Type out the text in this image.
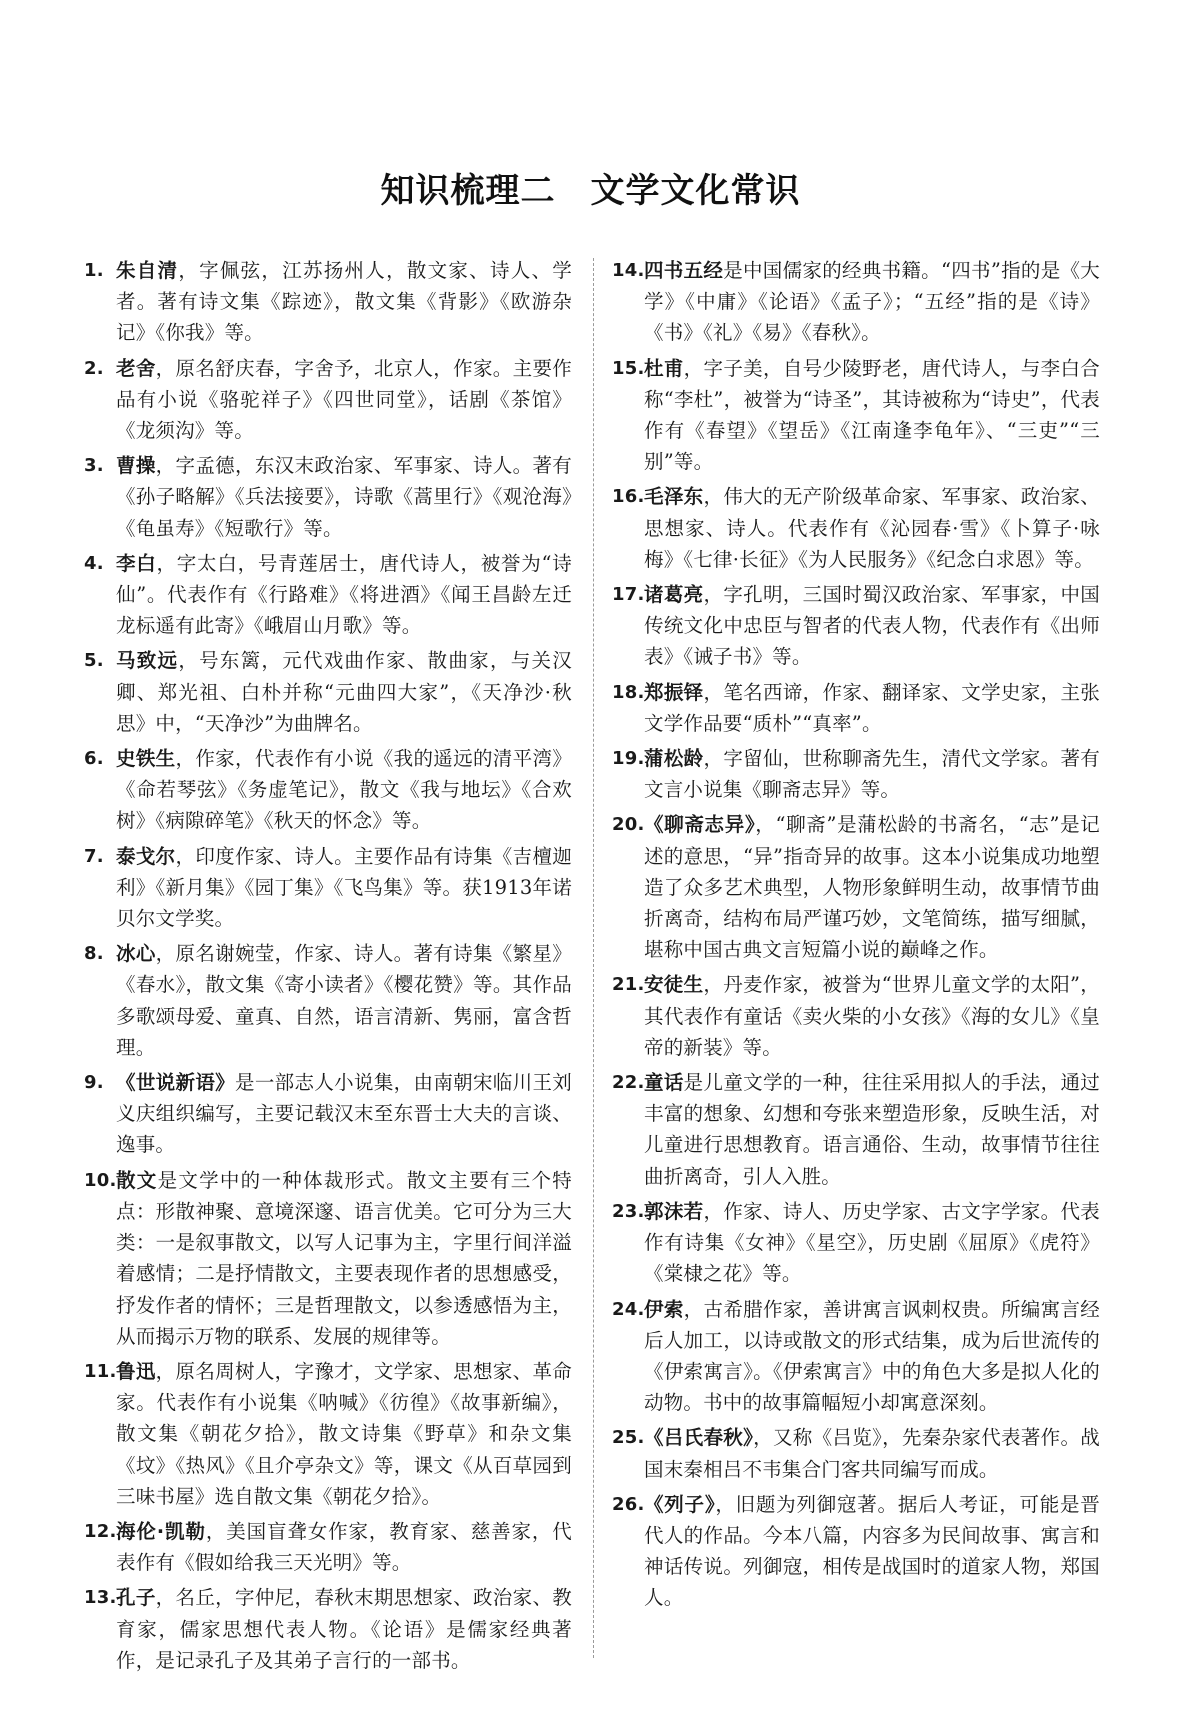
知识梳理二　文学文化常识

1. 朱自清，字佩弦，江苏扬州人，散文家、诗人、学者。著有诗文集《踪迹》，散文集《背影》《欧游杂记》《你我》等。

2. 老舍，原名舒庆春，字舍予，北京人，作家。主要作品有小说《骆驼祥子》《四世同堂》，话剧《茶馆》《龙须沟》等。

3. 曹操，字孟德，东汉末政治家、军事家、诗人。著有《孙子略解》《兵法接要》，诗歌《蒿里行》《观沧海》《龟虽寿》《短歌行》等。

4. 李白，字太白，号青莲居士，唐代诗人，被誉为“诗仙”。代表作有《行路难》《将进酒》《闻王昌龄左迁龙标遥有此寄》《峨眉山月歌》等。

5. 马致远，号东篱，元代戏曲作家、散曲家，与关汉卿、郑光祖、白朴并称“元曲四大家”，《天净沙·秋思》中，“天净沙”为曲牌名。

6. 史铁生，作家，代表作有小说《我的遥远的清平湾》《命若琴弦》《务虚笔记》，散文《我与地坛》《合欢树》《病隙碎笔》《秋天的怀念》等。

7. 泰戈尔，印度作家、诗人。主要作品有诗集《吉檀迦利》《新月集》《园丁集》《飞鸟集》等。获1913年诺贝尔文学奖。

8. 冰心，原名谢婉莹，作家、诗人。著有诗集《繁星》《春水》，散文集《寄小读者》《樱花赞》等。其作品多歌颂母爱、童真、自然，语言清新、隽丽，富含哲理。

9. 《世说新语》是一部志人小说集，由南朝宋临川王刘义庆组织编写，主要记载汉末至东晋士大夫的言谈、逸事。

10. 散文是文学中的一种体裁形式。散文主要有三个特点：形散神聚、意境深邃、语言优美。它可分为三大类：一是叙事散文，以写人记事为主，字里行间洋溢着感情；二是抒情散文，主要表现作者的思想感受，抒发作者的情怀；三是哲理散文，以参透感悟为主，从而揭示万物的联系、发展的规律等。

11. 鲁迅，原名周树人，字豫才，文学家、思想家、革命家。代表作有小说集《呐喊》《彷徨》《故事新编》，散文集《朝花夕拾》，散文诗集《野草》和杂文集《坟》《热风》《且介亭杂文》等，课文《从百草园到三味书屋》选自散文集《朝花夕拾》。

12. 海伦·凯勒，美国盲聋女作家，教育家、慈善家，代表作有《假如给我三天光明》等。

13. 孔子，名丘，字仲尼，春秋末期思想家、政治家、教育家，儒家思想代表人物。《论语》是儒家经典著作，是记录孔子及其弟子言行的一部书。

14. 四书五经是中国儒家的经典书籍。“四书”指的是《大学》《中庸》《论语》《孟子》；“五经”指的是《诗》《书》《礼》《易》《春秋》。

15. 杜甫，字子美，自号少陵野老，唐代诗人，与李白合称“李杜”，被誉为“诗圣”，其诗被称为“诗史”，代表作有《春望》《望岳》《江南逢李龟年》、“三吏”“三别”等。

16. 毛泽东，伟大的无产阶级革命家、军事家、政治家、思想家、诗人。代表作有《沁园春·雪》《卜算子·咏梅》《七律·长征》《为人民服务》《纪念白求恩》等。

17. 诸葛亮，字孔明，三国时蜀汉政治家、军事家，中国传统文化中忠臣与智者的代表人物，代表作有《出师表》《诫子书》等。

18. 郑振铎，笔名西谛，作家、翻译家、文学史家，主张文学作品要“质朴”“真率”。

19. 蒲松龄，字留仙，世称聊斋先生，清代文学家。著有文言小说集《聊斋志异》等。

20. 《聊斋志异》，“聊斋”是蒲松龄的书斋名，“志”是记述的意思，“异”指奇异的故事。这本小说集成功地塑造了众多艺术典型，人物形象鲜明生动，故事情节曲折离奇，结构布局严谨巧妙，文笔简练，描写细腻，堪称中国古典文言短篇小说的巅峰之作。

21. 安徒生，丹麦作家，被誉为“世界儿童文学的太阳”，其代表作有童话《卖火柴的小女孩》《海的女儿》《皇帝的新装》等。

22. 童话是儿童文学的一种，往往采用拟人的手法，通过丰富的想象、幻想和夸张来塑造形象，反映生活，对儿童进行思想教育。语言通俗、生动，故事情节往往曲折离奇，引人入胜。

23. 郭沫若，作家、诗人、历史学家、古文字学家。代表作有诗集《女神》《星空》，历史剧《屈原》《虎符》《棠棣之花》等。

24. 伊索，古希腊作家，善讲寓言讽刺权贵。所编寓言经后人加工，以诗或散文的形式结集，成为后世流传的《伊索寓言》。《伊索寓言》中的角色大多是拟人化的动物。书中的故事篇幅短小却寓意深刻。

25. 《吕氏春秋》，又称《吕览》，先秦杂家代表著作。战国末秦相吕不韦集合门客共同编写而成。

26. 《列子》，旧题为列御寇著。据后人考证，可能是晋代人的作品。今本八篇，内容多为民间故事、寓言和神话传说。列御寇，相传是战国时的道家人物，郑国人。
